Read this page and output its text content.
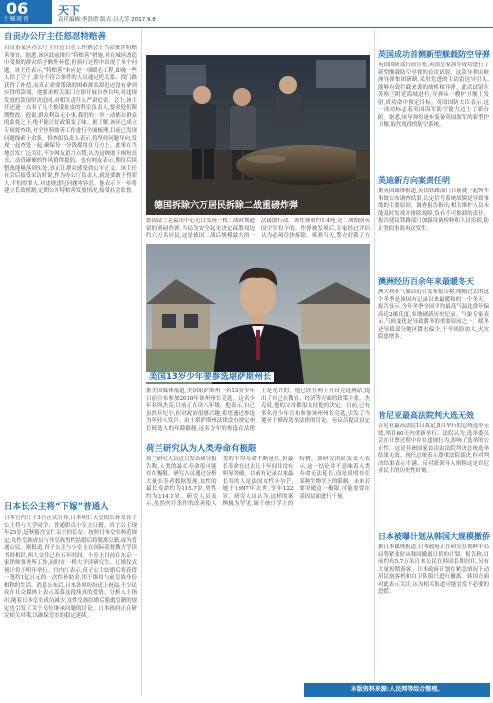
06
十堰周刊
天下
责任编辑:李洪塔 版式:吕大芳 2017.9.8
自贡办公厅主任怒怼特赔善
自贡市某区办公厅主任近日在工作例会上当众批评特赔善事宜。据悉,该区此前推行“特赔善”措施,对在城区改造中受损的群众给予额外补偿,但执行过程中出现了多个问题。该主任表示,“特赔善”本应是一项暖心工程,却被一些人钻了空子,部分不符合条件的人员通过托关系、找门路获得了补偿,而真正需要帮助的困难群众却迟迟没有拿到应得的款项。他要求相关部门立即开展自查自纠,对违规发放的款项坚决追回,对相关责任人严肃追责。会上,该主任还逐一点名了几个推诿扯皮的科室负责人,要求他们限期整改。他说,群众利益无小事,我们的一举一动都在群众的监督之下,绝不能让好政策变了味。据了解,该区已成立专项督查组,对全区特赔善工作进行全面梳理,目前已发现问题线索十余条。督查组负责人表示,将坚持问题导向,发现一起查处一起,确保每一分钱都用在刀刃上。此事在当地引发广泛关注,不少网友留言点赞,认为这种敢于揭短亮丑、动真碰硬的作风值得提倡。也有网友表示,期待后续整改能够落到实处,真正让群众感受到公平正义。该主任在会后接受采访时说,作为办公厅负责人,就是要敢于得罪人,不怕得罪人,对违规违纪问题零容忍。他表示下一步将建立长效机制,定期公开特赔善发放情况,接受社会监督。
日本长公主将“下嫁”普通人
日本宫内厅于3日正式宣布,日本明仁天皇的长孙女真子公主将与大学同学、普通职员小室圭订婚。真子公主现年25岁,是秋筱宫文仁亲王的长女。按照日本皇室典范规定,女性皇族成员与非皇族男性结婚后将脱离皇籍,成为普通公民。据报道,真子公主与小室圭在国际基督教大学读书时相识,两人交往已有五年时间。小室圭目前在东京一家律师事务所工作,同时在一桥大学读研究生。订婚仪式预计将于明年举行。宫内厅表示,真子公主结婚后将获得一笔约1亿日元的一次性补助金,用于维持与前皇族身份相称的生活。消息公布后,日本各界纷纷送上祝福,不少民众在社交媒体上表示羡慕这段纯真的爱情。分析人士指出,随着日本皇室成员减少,女性皇族结婚后脱离皇籍的规定也引发了关于皇位继承问题的讨论。日本政府正在研究相关对策,以确保皇室的稳定延续。
德国拆除六万居民拆除二战重磅炸弹
德国法兰克福市中心近日发现一枚二战时期遗留的重磅炸弹,当局为安全起见决定疏散周边约六万名居民,这是德国二战后规模最大的一次疏散行动。该炸弹重约1.4吨,是二战期间英国空军投下的。炸弹被发现后,专家经过评估认为必须尽快拆除。拆弹当天,警方封锁了方
美国13岁少年要参选堪萨斯州长
据美国媒体报道,美国堪萨斯州一名13岁少年日前宣布参加2018年该州州长竞选。这名少年名叫杰克,目前正在读八年级。他表示,自己虽然年纪小,但对政治很感兴趣,希望通过参选为年轻人发声。由于堪萨斯州法律没有规定州长候选人的年龄限制,这名少年的参选在法律上是允许的。他已经在网上开设竞选网站,提出了自己在教育、经济等方面的政策主张。杰克说,他的父母都很支持他的决定。目前,已有多名青少年宣布参加该州州长竞选,引发了当地对于修改选举法律的讨论。有议员提议设定
荷兰研究认为人类寿命有极限
荷兰研究人员近日发表研究报告称,人类的最长寿命很可能存在极限。研究人员通过分析大量长寿者数据发现,女性的最长寿命约为115.7岁,男性约为114.1岁。研究人员表示,虽然医疗条件的改善使人类的平均寿命不断延长,但最长寿命在过去几十年间并没有明显突破。目前有记录以来最长寿的人是法国女性卡尔芒,她于1997年去世,享年122岁。研究人员认为,这样的案例极为罕见,属于统计学上的特例。该研究团队负责人表示,这一结论并不意味着人类寿命无法延长,而是说明存在某种生物学上的限制。未来若要突破这一极限,可能需要在基因层面进行干预。
英国成功首测新型舰载防空导弹
英国国防部日前宣布,英国皇家海军成功进行了新型舰载防空导弹的首次试射。这款导弹由欧洲导弹集团研制,采用先进的主动雷达导引头,能够有效拦截来袭的战机和导弹。此次试射在苏格兰附近海域进行,导弹从一艘护卫舰上发射,成功命中预定目标。英国国防大臣表示,这一成功标志着英国海军防空能力迈上了新台阶。据悉,该导弹将逐步装备英国海军的新型护卫舰,取代现役的防空系统。
英迪新方向案责任明
据英国媒体报道,英国铁路部门日前就一起列车事故公布调查结果,认定信号系统故障是导致事故的主要原因。调查报告指出,相关维护人员未能及时发现并排除故障,负有不可推卸的责任。报告建议铁路部门加强设备检修和人员培训,防止类似事故再次发生。
澳洲经历百余年来最暖冬天
澳大利亚气象局近日发布报告称,刚刚过去的这个冬季是该国有记录以来最暖和的一个冬天。报告显示,今年冬季全国平均最高气温比常年偏高近2摄氏度,多地刷新历史纪录。气象专家表示,气候变化是导致暖冬的重要原因之一。暖冬还导致部分地区降水偏少,干旱风险加大,火灾隐患增多。
肯尼亚最高法院判大选无效
肯尼亚最高法院1日裁定,8月举行的总统选举无效,须在60天内重新举行。法院认为,选举委员会在计票过程中存在违规行为,影响了选举的公正性。这是非洲国家首次由法院判决总统选举结果无效。现任总统表示尊重法院裁决,但对判决结果表示不满。反对派领导人则称这是肯尼亚民主的历史性时刻。
日本被曝计划从韩国大规模撤侨
据日本媒体报道,日本政府正在研究在朝鲜半岛局势紧张时从韩国撤离日侨的计划。报告称,目前约有5.7万名日本公民在韩国长期居住,另有大量短期游客。日本政府计划在紧急情况下动用民航客机和自卫队船只进行撤离。韩国方面对此表示关注,认为相关报道可能引发不必要的恐慌。
本版资料来源:人民网等综合整理。
